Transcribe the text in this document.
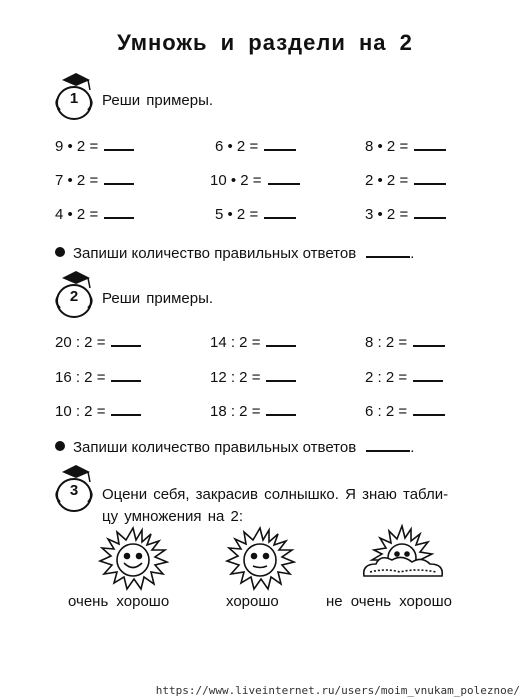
Умножь и раздели на 2
1	Реши примеры.
9 • 2 =	6 • 2 =	8 • 2 =
7 • 2 =	10 • 2 =	2 • 2 =
4 • 2 =	5 • 2 =	3 • 2 =
Запиши количество правильных ответов	.
2	Реши примеры.
20 : 2 =	14 : 2 =	8 : 2 =
16 : 2 =	12 : 2 =	2 : 2 =
10 : 2 =	18 : 2 =	6 : 2 =
Запиши количество правильных ответов	.
3	Оцени себя, закрасив солнышко. Я знаю табли-
цу умножения на 2:
очень хорошо	хорошо	не очень хорошо
https://www.liveinternet.ru/users/moim_vnukam_poleznoe/
